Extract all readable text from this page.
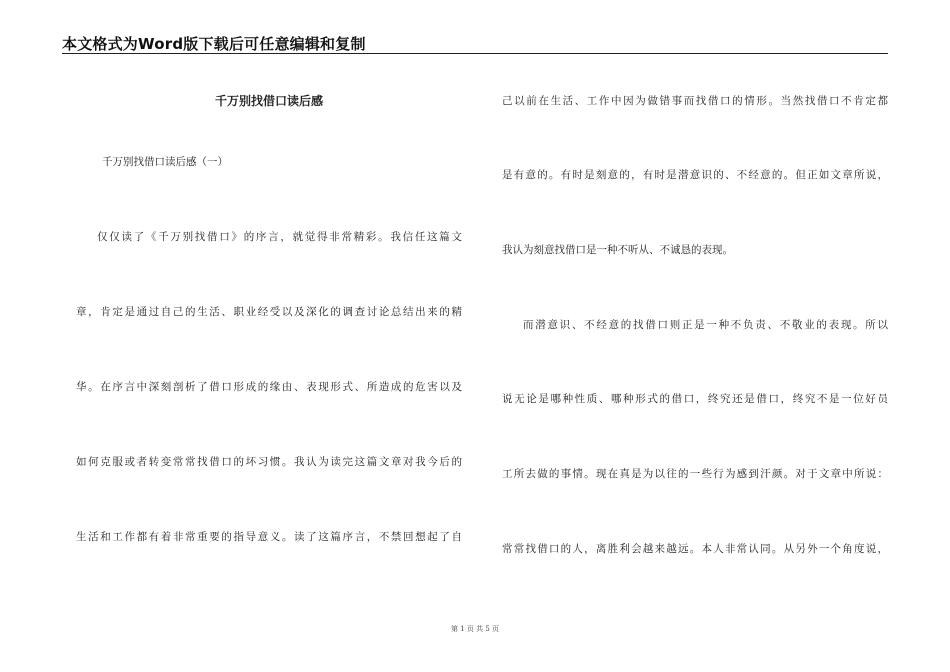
本文格式为Word版下载后可任意编辑和复制
千万别找借口读后感
千万别找借口读后感（一）
仅仅读了《千万别找借口》的序言，就觉得非常精彩。我信任这篇文
章，肯定是通过自己的生活、职业经受以及深化的调查讨论总结出来的精
华。在序言中深刻剖析了借口形成的缘由、表现形式、所造成的危害以及
如何克服或者转变常常找借口的坏习惯。我认为读完这篇文章对我今后的
生活和工作都有着非常重要的指导意义。读了这篇序言，不禁回想起了自
己以前在生活、工作中因为做错事而找借口的情形。当然找借口不肯定都
是有意的。有时是刻意的，有时是潜意识的、不经意的。但正如文章所说，
我认为刻意找借口是一种不听从、不诚恳的表现。
而潜意识、不经意的找借口则正是一种不负责、不敬业的表现。所以
说无论是哪种性质、哪种形式的借口，终究还是借口，终究不是一位好员
工所去做的事情。现在真是为以往的一些行为感到汗颜。对于文章中所说：
常常找借口的人，离胜利会越来越远。本人非常认同。从另外一个角度说，
第 1 页 共 5 页
